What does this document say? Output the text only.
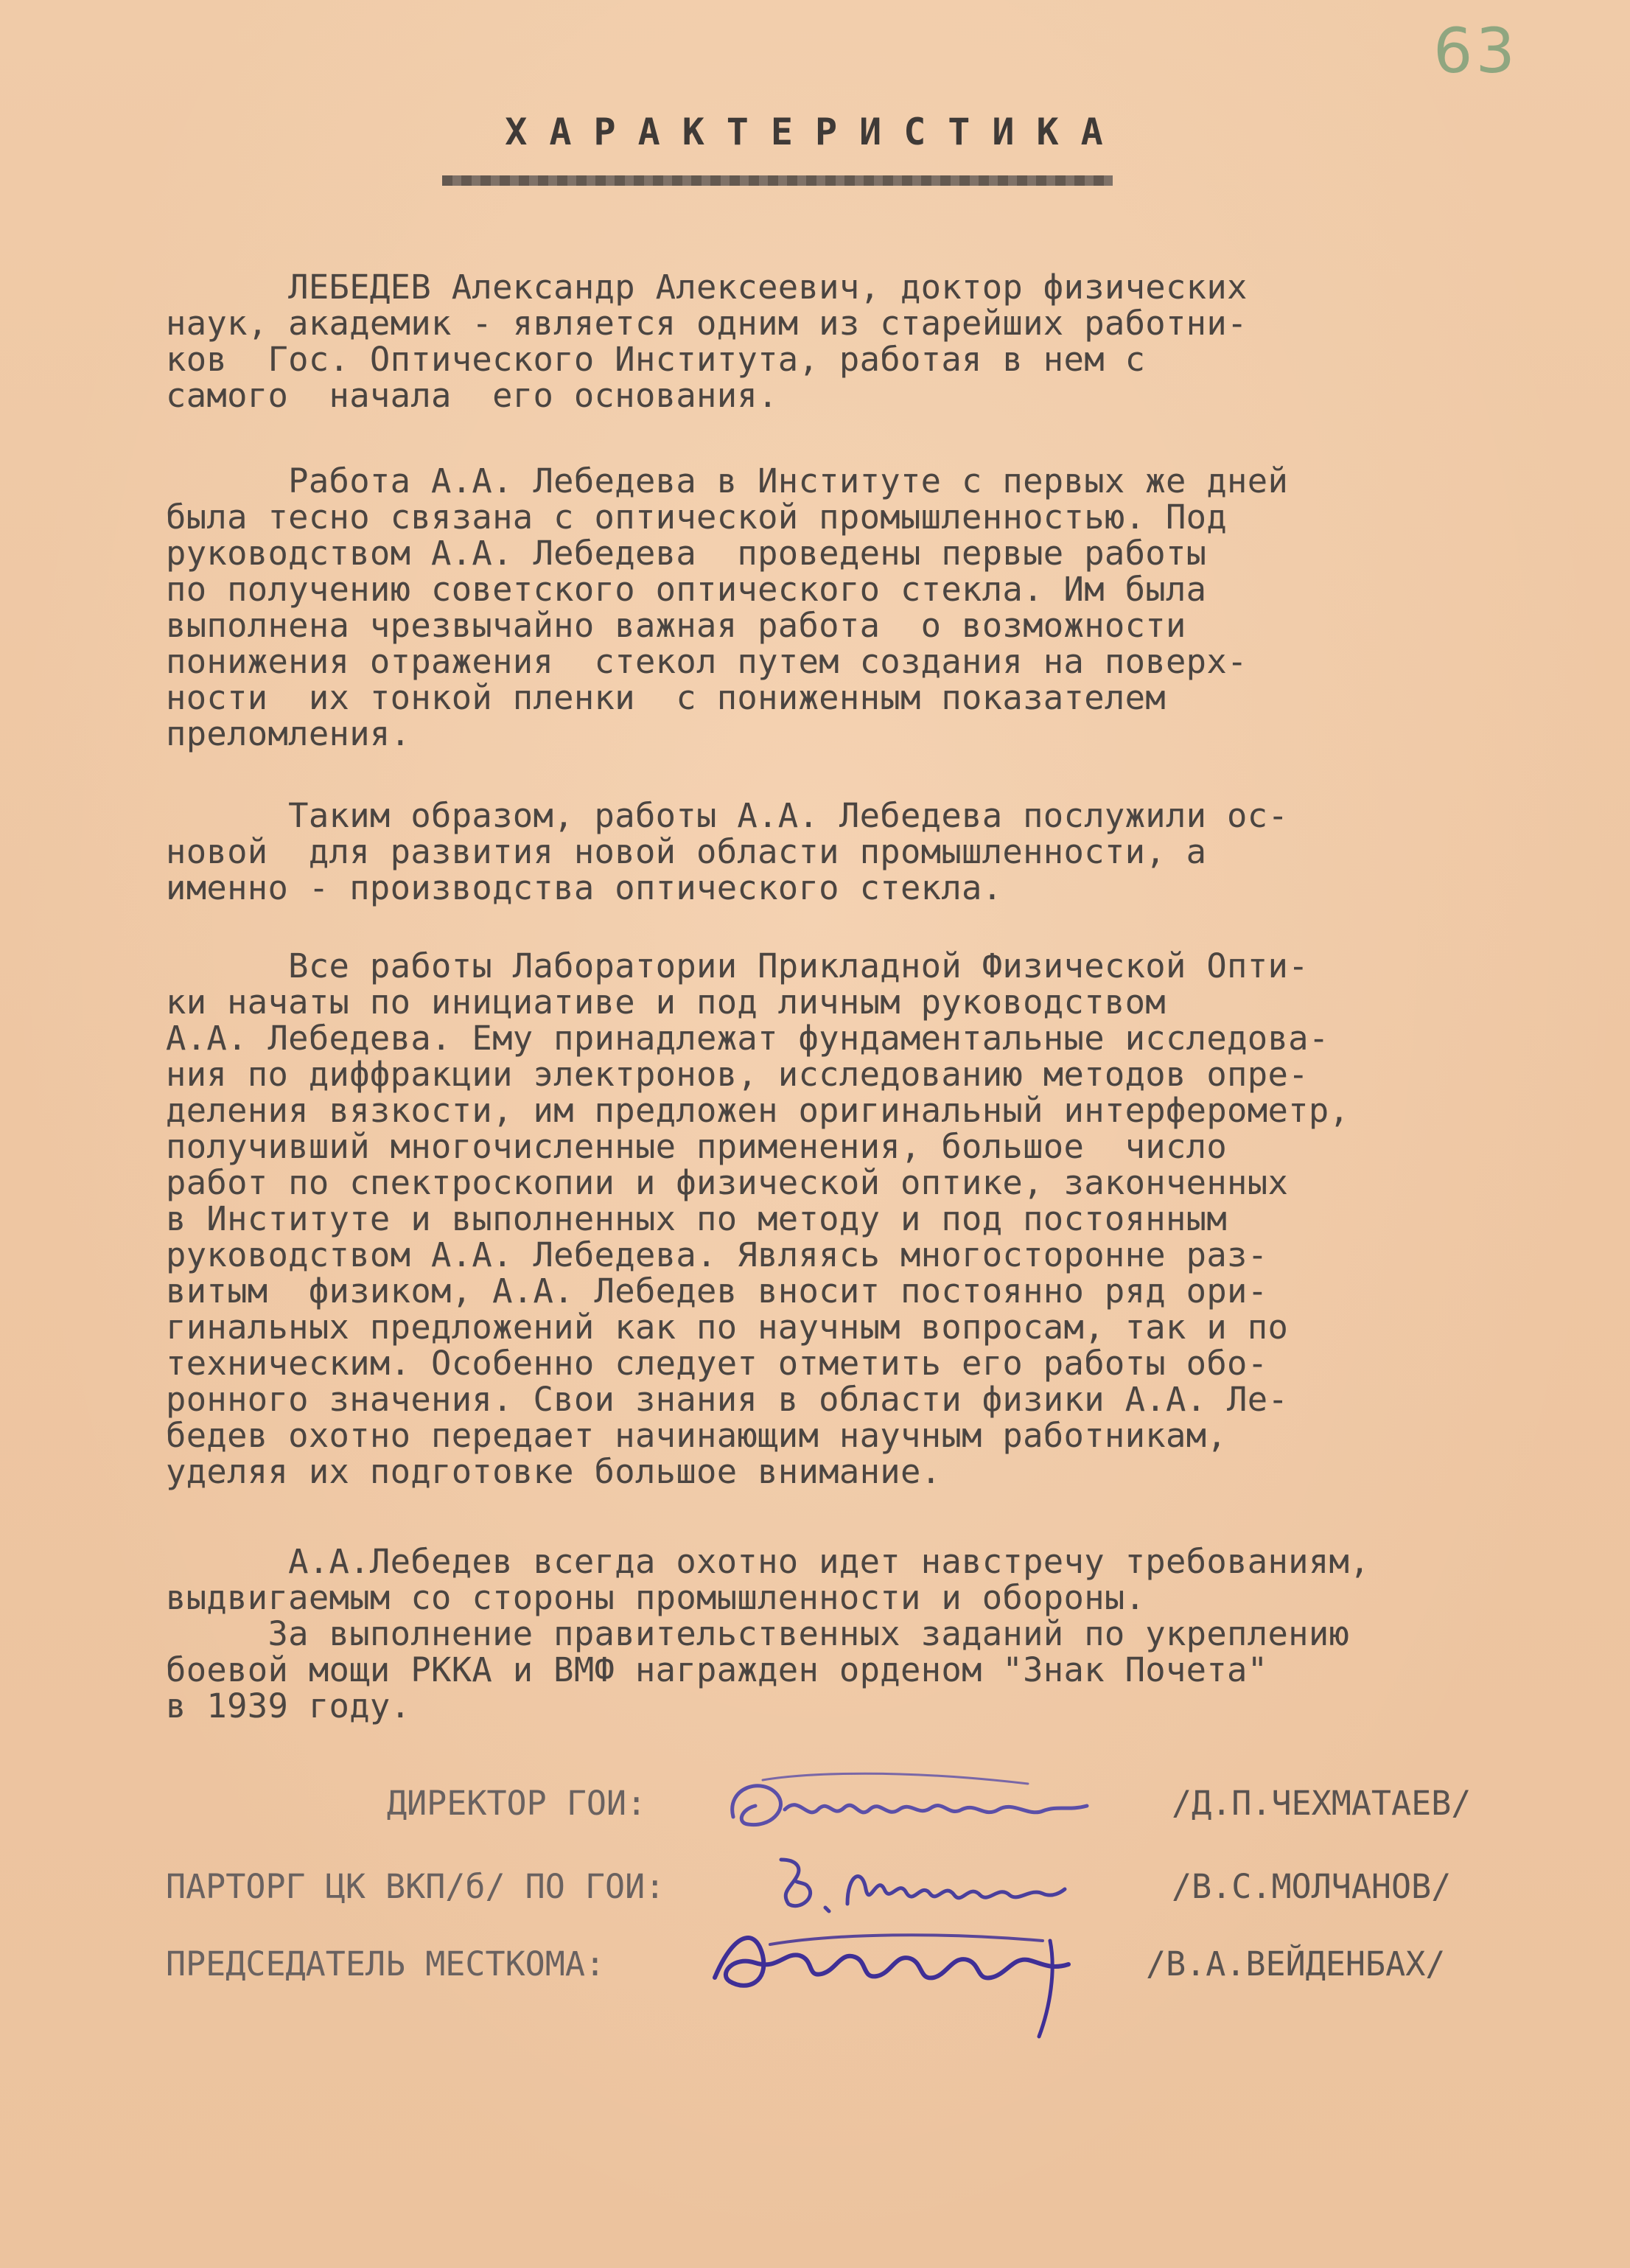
63
ХАРАКТЕРИСТИКА
ЛЕБЕДЕВ Александр Алексеевич, доктор физических
наук, академик - является одним из старейших работни-
ков  Гос. Оптического Института, работая в нем с
самого  начала  его основания.
Работа А.А. Лебедева в Институте с первых же дней
была тесно связана с оптической промышленностью. Под
руководством А.А. Лебедева  проведены первые работы
по получению советского оптического стекла. Им была
выполнена чрезвычайно важная работа  о возможности
понижения отражения  стекол путем создания на поверх-
ности  их тонкой пленки  с пониженным показателем
преломления.
Таким образом, работы А.А. Лебедева послужили ос-
новой  для развития новой области промышленности, а
именно - производства оптического стекла.
Все работы Лаборатории Прикладной Физической Опти-
ки начаты по инициативе и под личным руководством
А.А. Лебедева. Ему принадлежат фундаментальные исследова-
ния по диффракции электронов, исследованию методов опре-
деления вязкости, им предложен оригинальный интерферометр,
получивший многочисленные применения, большое  число
работ по спектроскопии и физической оптике, законченных
в Институте и выполненных по методу и под постоянным
руководством А.А. Лебедева. Являясь многосторонне раз-
витым  физиком, А.А. Лебедев вносит постоянно ряд ори-
гинальных предложений как по научным вопросам, так и по
техническим. Особенно следует отметить его работы обо-
ронного значения. Свои знания в области физики А.А. Ле-
бедев охотно передает начинающим научным работникам,
уделяя их подготовке большое внимание.
А.А.Лебедев всегда охотно идет навстречу требованиям,
выдвигаемым со стороны промышленности и обороны.
За выполнение правительственных заданий по укреплению
боевой мощи РККА и ВМФ награжден орденом "Знак Почета"
в 1939 году.
ДИРЕКТОР ГОИ:	/Д.П.ЧЕХМАТАЕВ/
ПАРТОРГ ЦК ВКП/б/ ПО ГОИ:	/В.С.МОЛЧАНОВ/
ПРЕДСЕДАТЕЛЬ МЕСТКОМА:	/В.А.ВЕЙДЕНБАХ/
